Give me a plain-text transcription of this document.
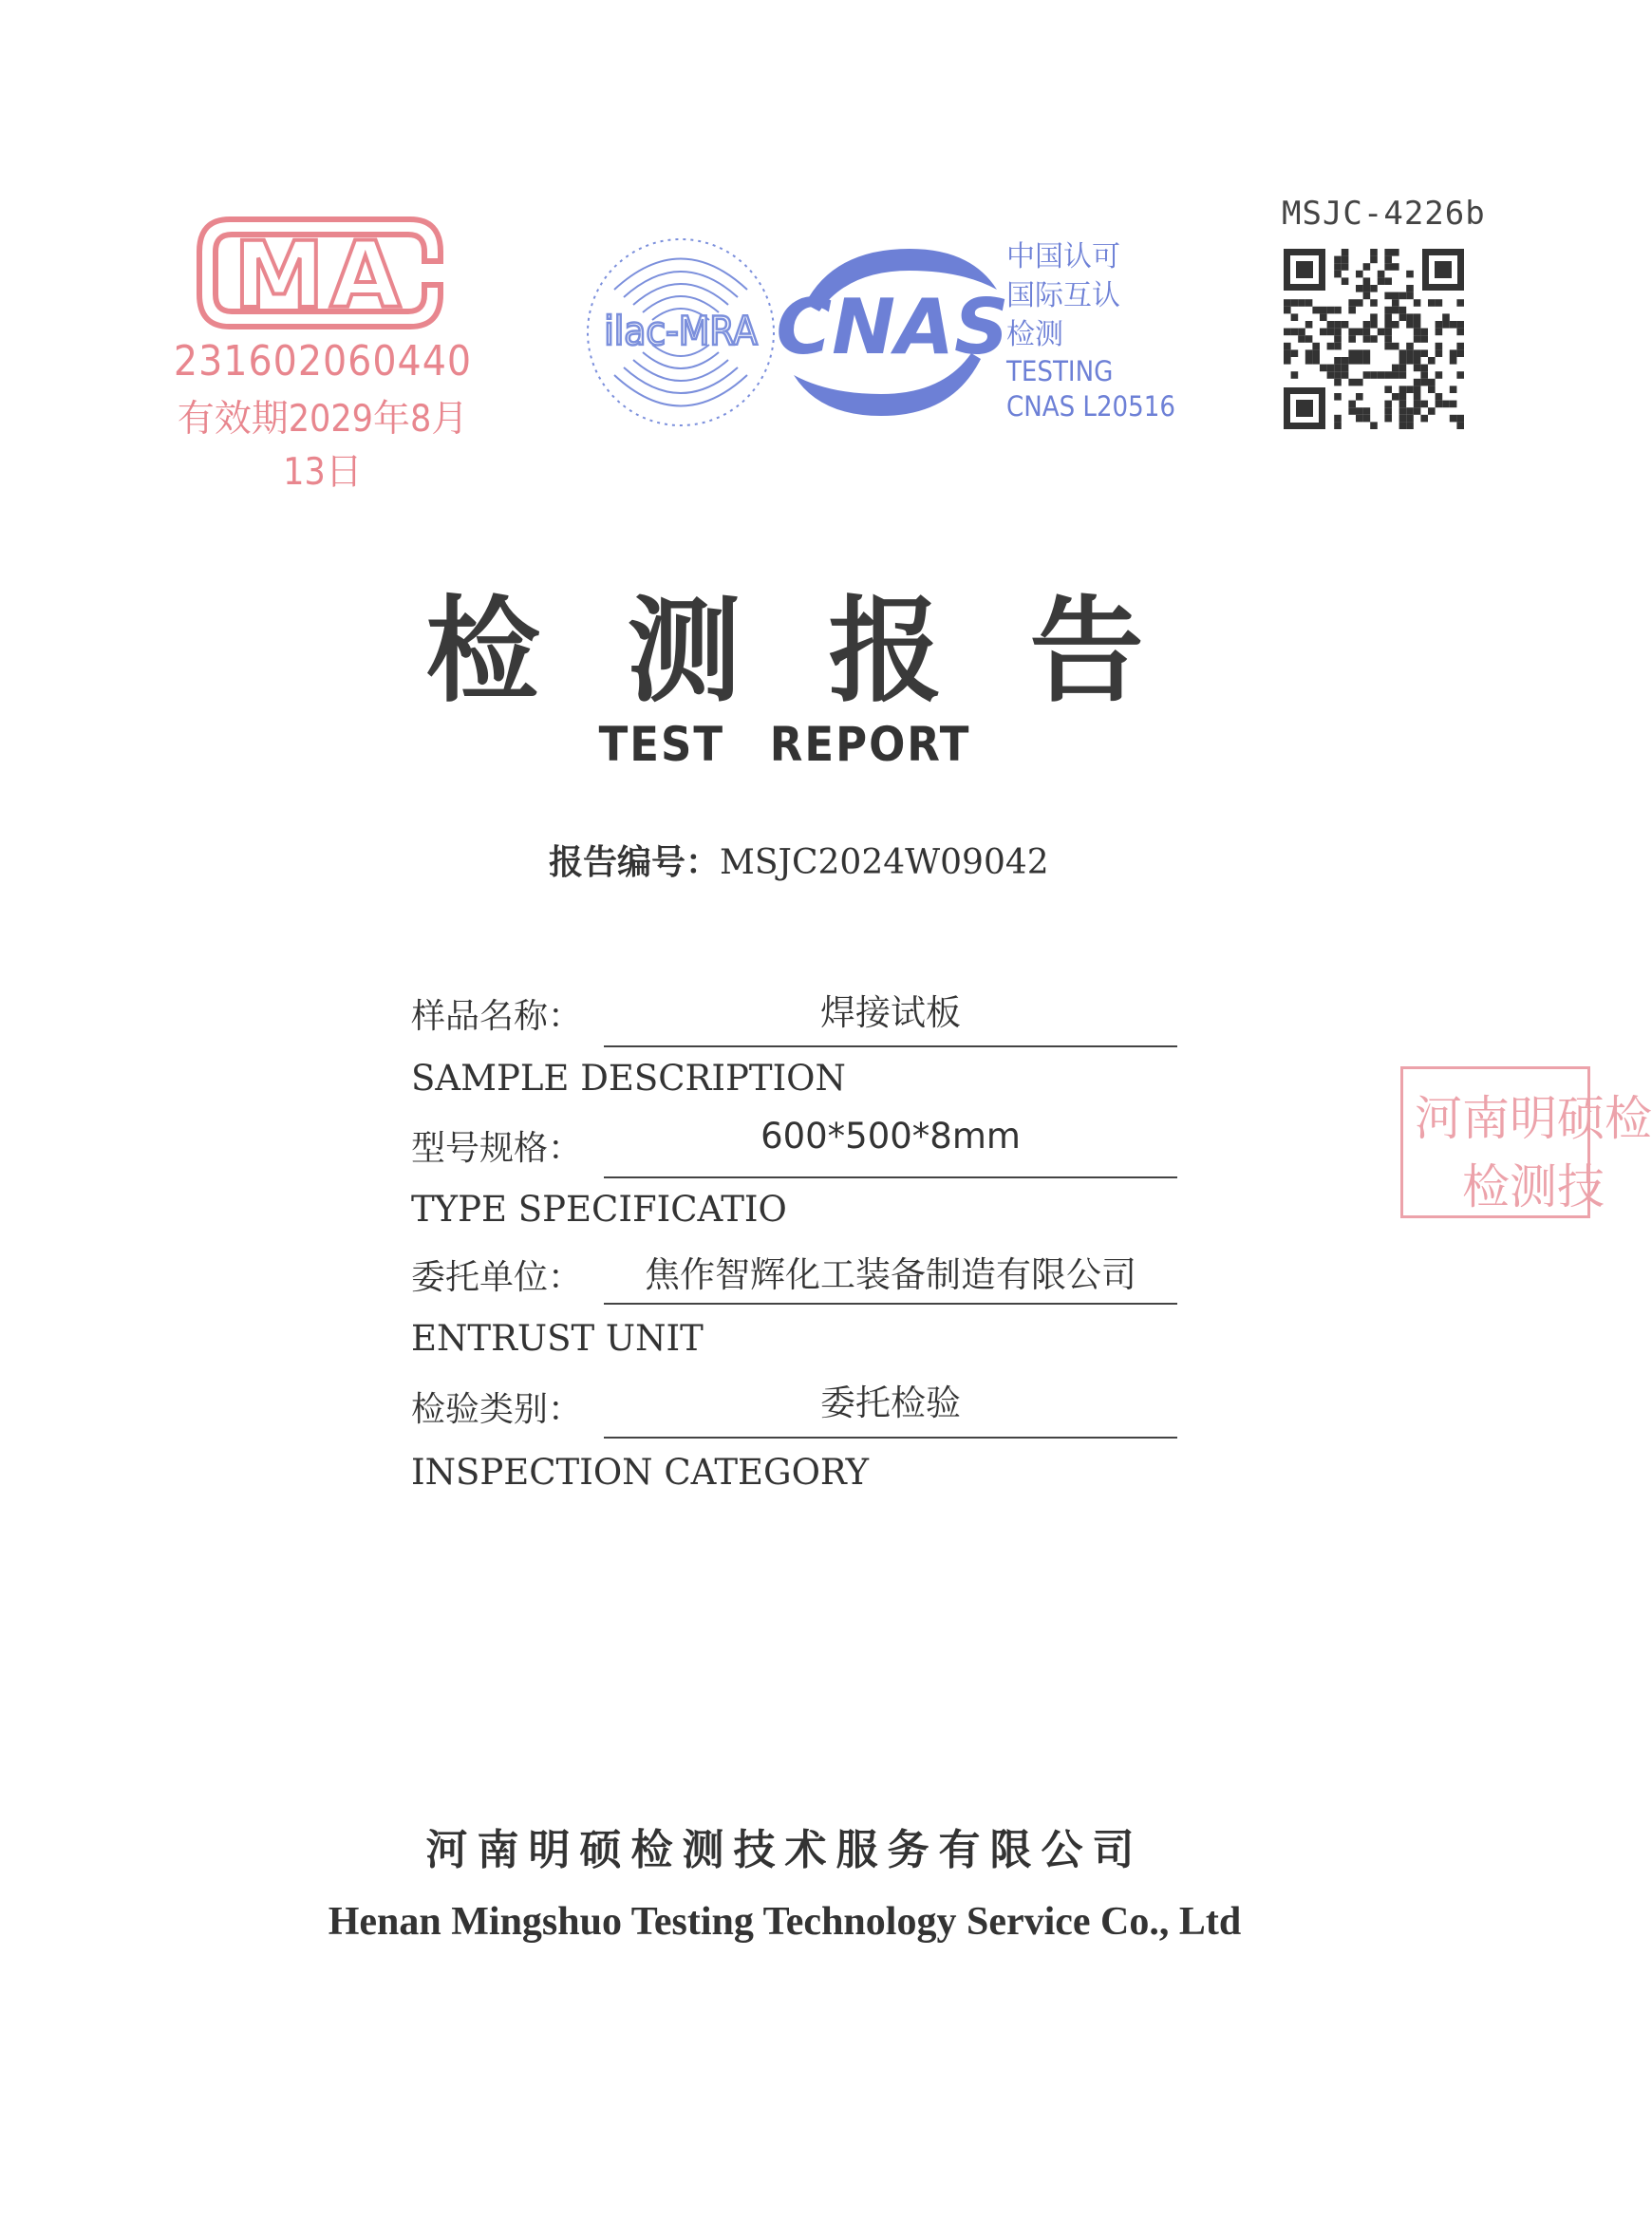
MA
231602060440
有效期2029年8月13日
ilac-MRA CNAS
中国认可
国际互认
检测
TESTING
CNAS L20516
MSJC-4226b
检测报告
TEST REPORT
报告编号：MSJC2024W09042
样品名称：	焊接试板
SAMPLE DESCRIPTION
型号规格：	600*500*8mm
TYPE SPECIFICATIO
委托单位：	焦作智辉化工装备制造有限公司
ENTRUST UNIT
检验类别：	委托检验
INSPECTION CATEGORY
河南明硕检
检测技
河南明硕检测技术服务有限公司
Henan Mingshuo Testing Technology Service Co., Ltd
